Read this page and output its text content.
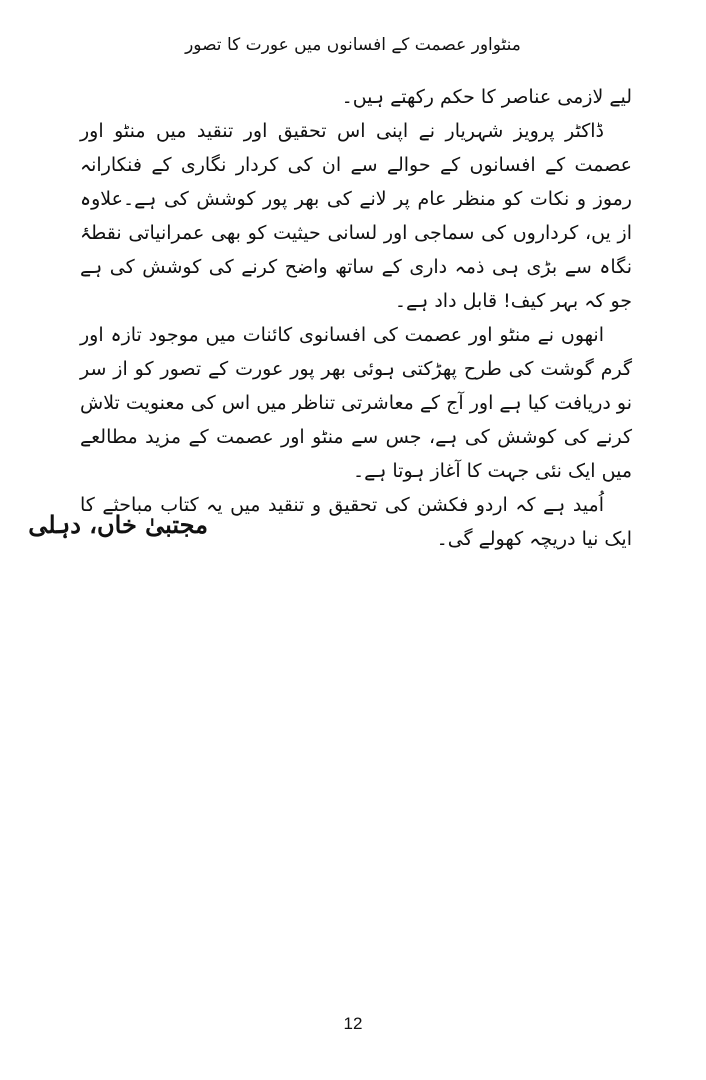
منٹواور عصمت کے افسانوں میں عورت کا تصور

لیے لازمی عناصر کا حکم رکھتے ہیں۔

ڈاکٹر پرویز شہریار نے اپنی اس تحقیق اور تنقید میں منٹو اور عصمت کے افسانوں کے حوالے سے ان کی کردار نگاری کے فنکارانہ رموز و نکات کو منظر عام پر لانے کی بھر پور کوشش کی ہے۔علاوہ از یں، کرداروں کی سماجی اور لسانی حیثیت کو بھی عمرانیاتی نقطۂ نگاہ سے بڑی ہی ذمہ داری کے ساتھ واضح کرنے کی کوشش کی ہے جو کہ بہر کیف! قابل داد ہے۔

انھوں نے منٹو اور عصمت کی افسانوی کائنات میں موجود تازہ اور گرم گوشت کی طرح پھڑکتی ہوئی بھر پور عورت کے تصور کو از سر نو دریافت کیا ہے اور آج کے معاشرتی تناظر میں اس کی معنویت تلاش کرنے کی کوشش کی ہے، جس سے منٹو اور عصمت کے مزید مطالعے میں ایک نئی جہت کا آغاز ہوتا ہے۔

اُمید ہے کہ اردو فکشن کی تحقیق و تنقید میں یہ کتاب مباحثے کا ایک نیا دریچہ کھولے گی۔

مجتبیٰ خاں، دہلی
12
